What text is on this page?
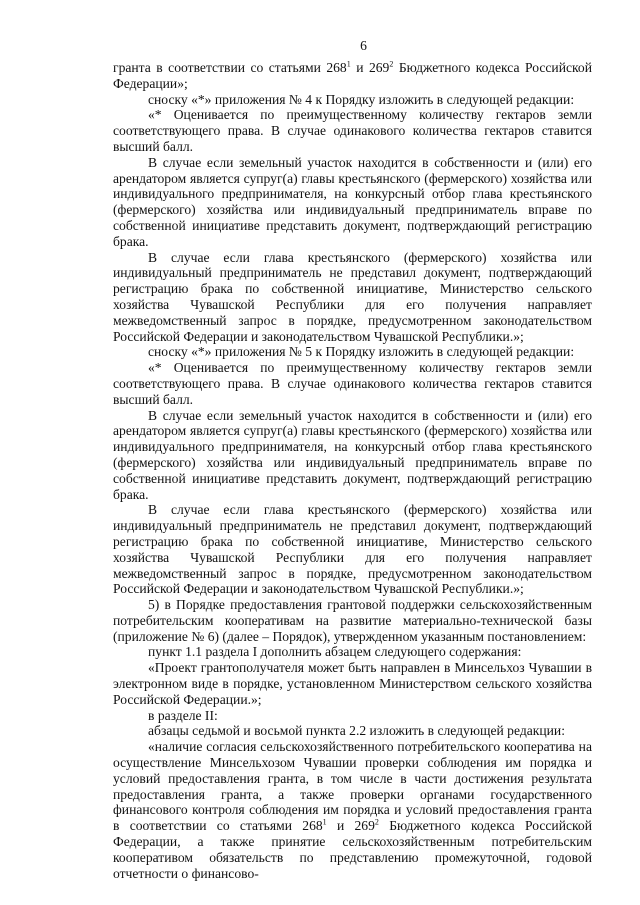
6

гранта в соответствии со статьями $268^1$ и $269^2$ Бюджетного кодекса Российской Федерации»;

сноску «*» приложения № 4 к Порядку изложить в следующей редакции:

«* Оценивается по преимущественному количеству гектаров земли соответствующего права. В случае одинакового количества гектаров ставится высший балл.

В случае если земельный участок находится в собственности и (или) его арендатором является супруг(а) главы крестьянского (фермерского) хозяйства или индивидуального предпринимателя, на конкурсный отбор глава крестьянского (фермерского) хозяйства или индивидуальный предприниматель вправе по собственной инициативе представить документ, подтверждающий регистрацию брака.

В случае если глава крестьянского (фермерского) хозяйства или индивидуальный предприниматель не представил документ, подтверждающий регистрацию брака по собственной инициативе, Министерство сельского хозяйства Чувашской Республики для его получения направляет межведомственный запрос в порядке, предусмотренном законодательством Российской Федерации и законодательством Чувашской Республики.»;

сноску «*» приложения № 5 к Порядку изложить в следующей редакции:

«* Оценивается по преимущественному количеству гектаров земли соответствующего права. В случае одинакового количества гектаров ставится высший балл.

В случае если земельный участок находится в собственности и (или) его арендатором является супруг(а) главы крестьянского (фермерского) хозяйства или индивидуального предпринимателя, на конкурсный отбор глава крестьянского (фермерского) хозяйства или индивидуальный предприниматель вправе по собственной инициативе представить документ, подтверждающий регистрацию брака.

В случае если глава крестьянского (фермерского) хозяйства или индивидуальный предприниматель не представил документ, подтверждающий регистрацию брака по собственной инициативе, Министерство сельского хозяйства Чувашской Республики для его получения направляет межведомственный запрос в порядке, предусмотренном законодательством Российской Федерации и законодательством Чувашской Республики.»;

5) в Порядке предоставления грантовой поддержки сельскохозяйственным потребительским кооперативам на развитие материально-технической базы (приложение № 6) (далее – Порядок), утвержденном указанным постановлением:

пункт 1.1 раздела I дополнить абзацем следующего содержания:

«Проект грантополучателя может быть направлен в Минсельхоз Чувашии в электронном виде в порядке, установленном Министерством сельского хозяйства Российской Федерации.»;

в разделе II:

абзацы седьмой и восьмой пункта 2.2 изложить в следующей редакции:

«наличие согласия сельскохозяйственного потребительского кооператива на осуществление Минсельхозом Чувашии проверки соблюдения им порядка и условий предоставления гранта, в том числе в части достижения результата предоставления гранта, а также проверки органами государственного финансового контроля соблюдения им порядка и условий предоставления гранта в соответствии со статьями $268^1$ и $269^2$ Бюджетного кодекса Российской Федерации, а также принятие сельскохозяйственным потребительским кооперативом обязательств по представлению промежуточной, годовой отчетности о финансово-
